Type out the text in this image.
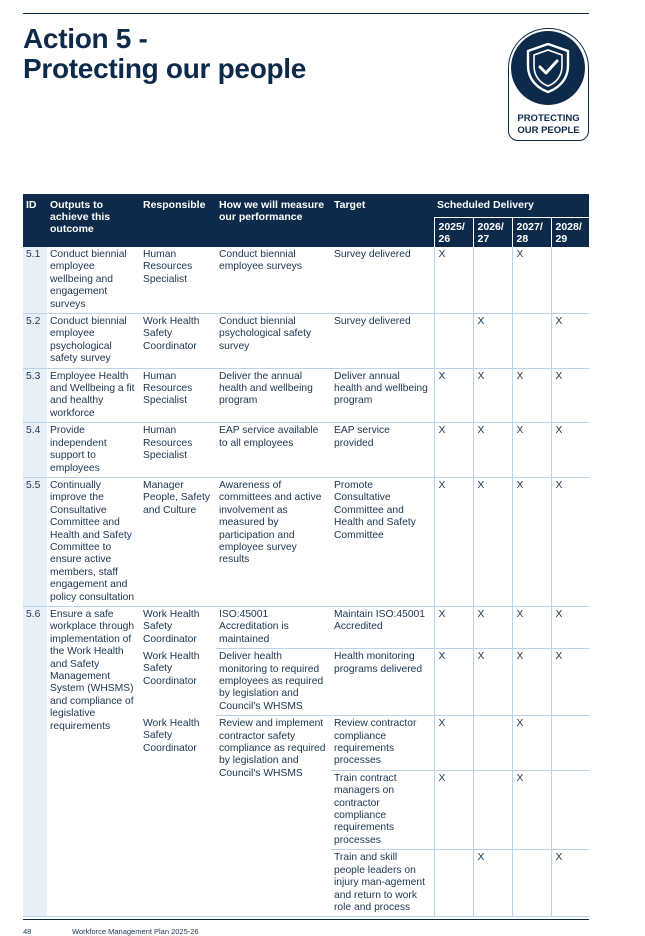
Action 5 -
Protecting our people
PROTECTING
OUR PEOPLE
ID	Outputs to achieve this outcome	Responsible	How we will measure our performance	Target	Scheduled Delivery			
					2025/ 26	2026/ 27	2027/ 28	2028/ 29
5.1	Conduct biennial employee wellbeing and engagement surveys	Human Resources Specialist	Conduct biennial employee surveys	Survey delivered	X		X	
5.2	Conduct biennial employee psychological safety survey	Work Health Safety Coordinator	Conduct biennial psychological safety survey	Survey delivered		X		X
5.3	Employee Health and Wellbeing a fit and healthy workforce	Human Resources Specialist	Deliver the annual health and wellbeing program	Deliver annual health and wellbeing program	X	X	X	X
5.4	Provide independent support to employees	Human Resources Specialist	EAP service available to all employees	EAP service provided	X	X	X	X
5.5	Continually improve the Consultative Committee and Health and Safety Committee to ensure active members, staff engagement and policy consultation	Manager People, Safety and Culture	Awareness of committees and active involvement as measured by participation and employee survey results	Promote Consultative Committee and Health and Safety Committee	X	X	X	X
5.6	Ensure a safe workplace through implementation of the Work Health and Safety Management System (WHSMS) and compliance of legislative requirements	Work Health Safety Coordinator	ISO:45001 Accreditation is maintained	Maintain ISO:45001 Accredited	X	X	X	X
		Work Health Safety Coordinator	Deliver health monitoring to required employees as required by legislation and Council's WHSMS	Health monitoring programs delivered	X	X	X	X
		Work Health Safety Coordinator	Review and implement contractor safety compliance as required by legislation and Council's WHSMS	Review contractor compliance requirements processes	X		X	
				Train contract managers on contractor compliance requirements processes	X		X	
				Train and skill people leaders on injury man-agement and return to work role and process		X		X
48	Workforce Management Plan 2025-26
